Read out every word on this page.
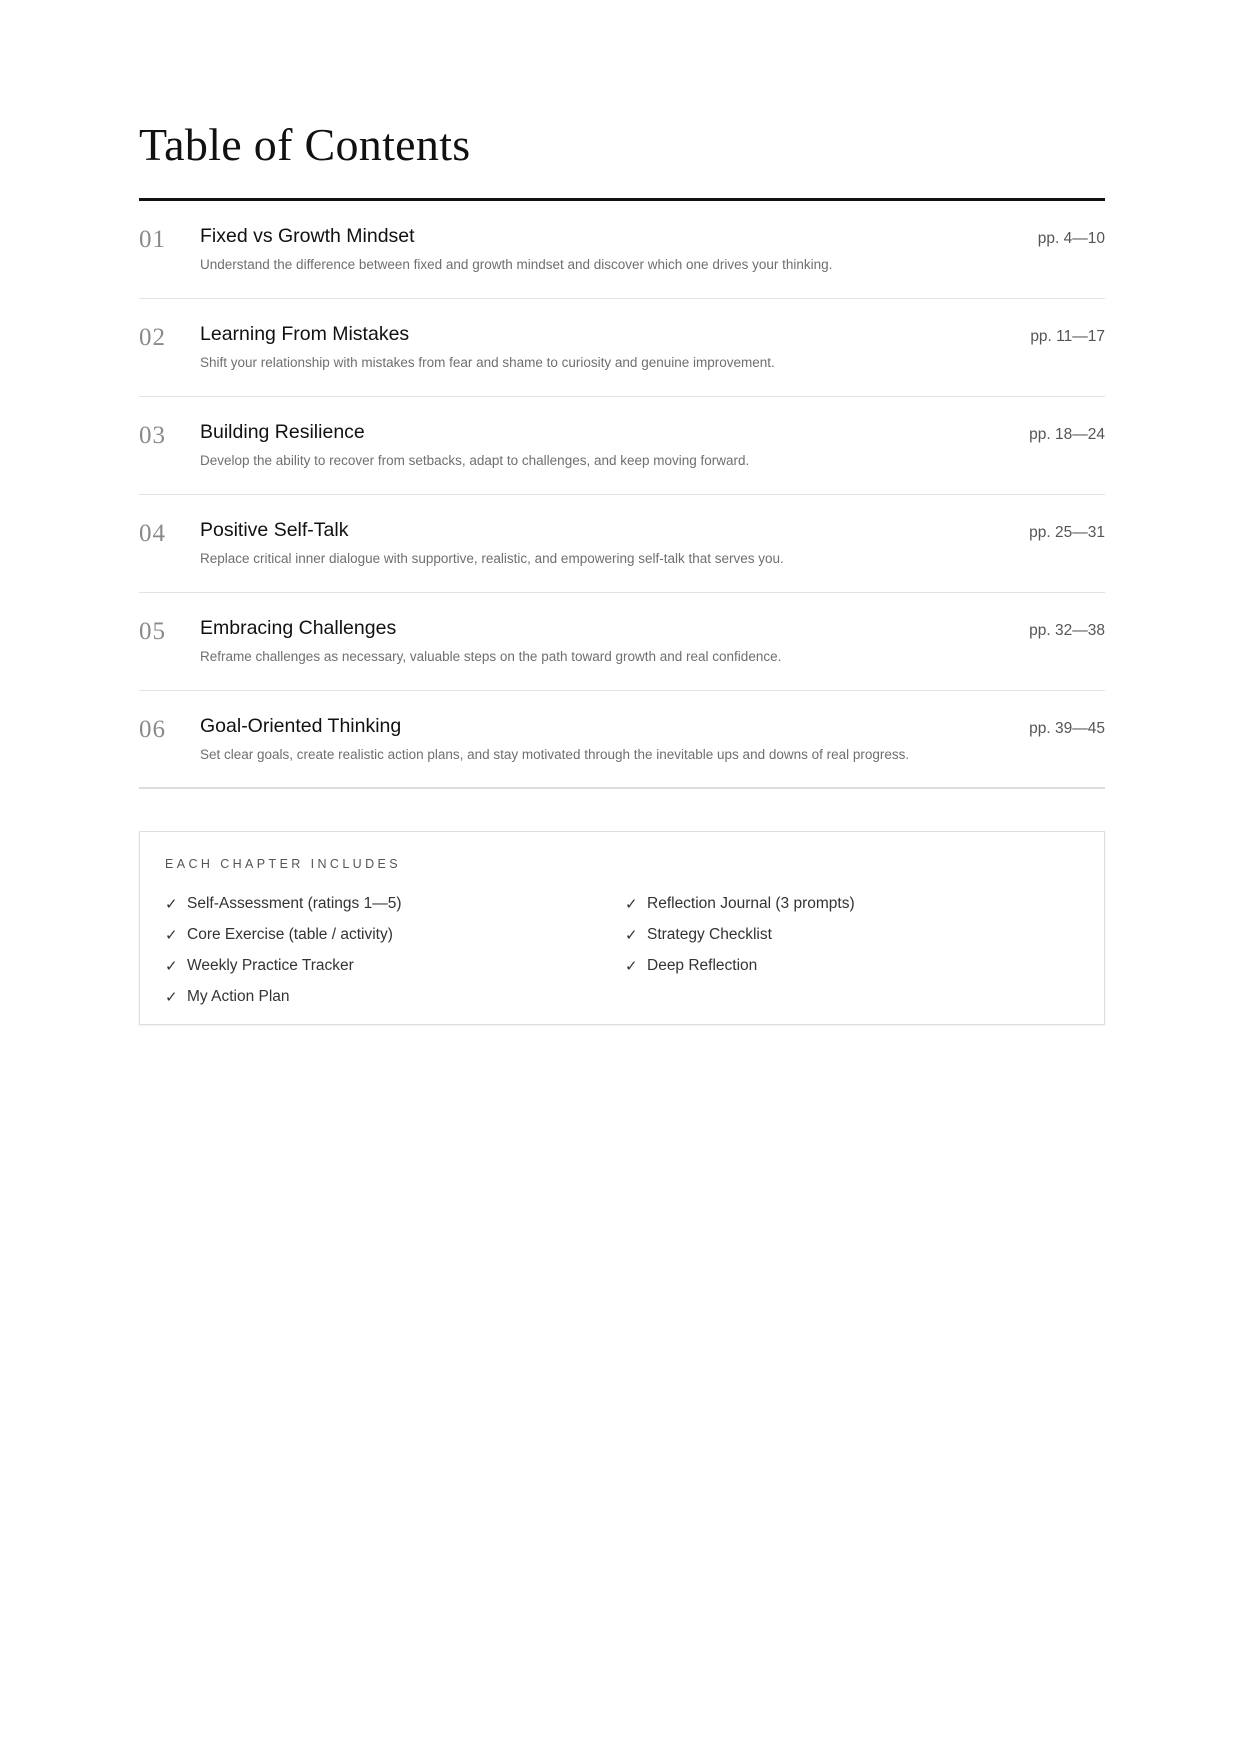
Table of Contents
01 Fixed vs Growth Mindset
Understand the difference between fixed and growth mindset and discover which one drives your thinking.
pp. 4—10
02 Learning From Mistakes
Shift your relationship with mistakes from fear and shame to curiosity and genuine improvement.
pp. 11—17
03 Building Resilience
Develop the ability to recover from setbacks, adapt to challenges, and keep moving forward.
pp. 18—24
04 Positive Self-Talk
Replace critical inner dialogue with supportive, realistic, and empowering self-talk that serves you.
pp. 25—31
05 Embracing Challenges
Reframe challenges as necessary, valuable steps on the path toward growth and real confidence.
pp. 32—38
06 Goal-Oriented Thinking
Set clear goals, create realistic action plans, and stay motivated through the inevitable ups and downs of real progress.
pp. 39—45
EACH CHAPTER INCLUDES
✓ Self-Assessment (ratings 1—5)
✓ Core Exercise (table / activity)
✓ Weekly Practice Tracker
✓ My Action Plan
✓ Reflection Journal (3 prompts)
✓ Strategy Checklist
✓ Deep Reflection
